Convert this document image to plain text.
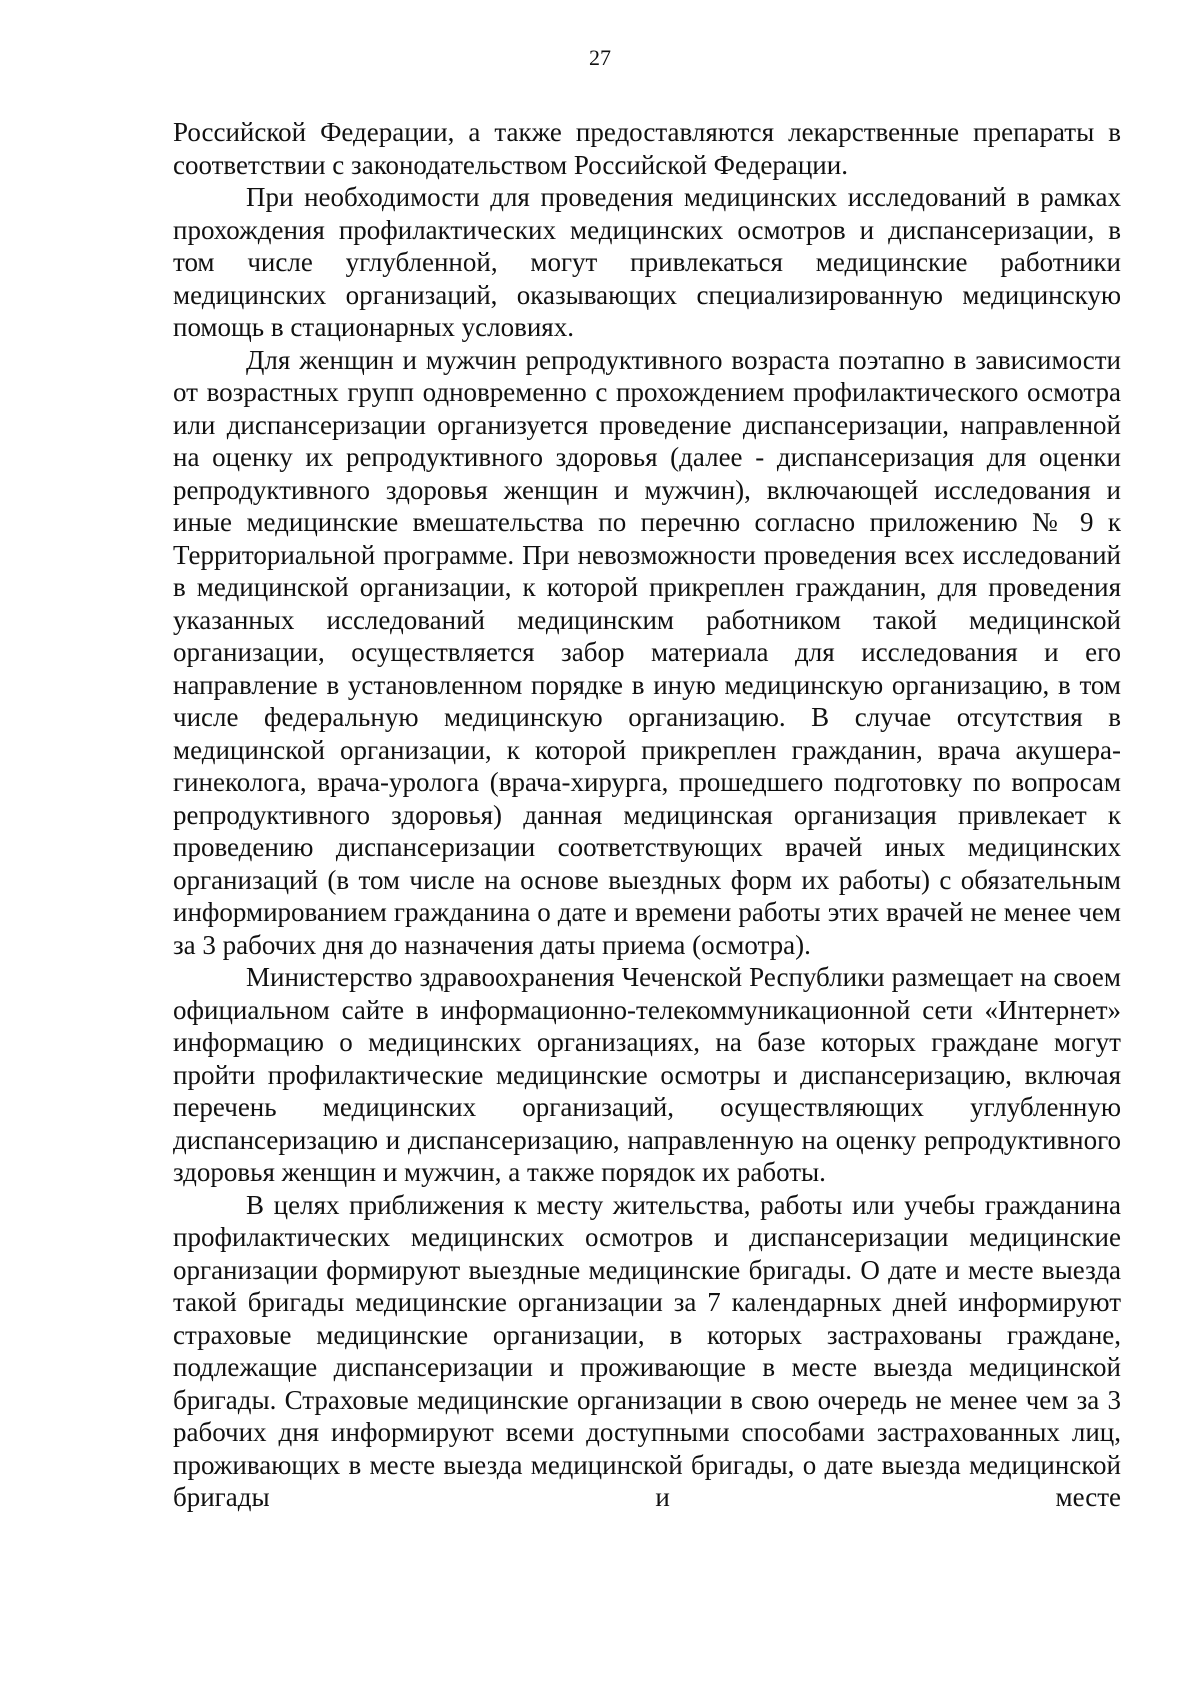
27

Российской Федерации, а также предоставляются лекарственные препараты в соответствии с законодательством Российской Федерации.

При необходимости для проведения медицинских исследований в рамках прохождения профилактических медицинских осмотров и диспансеризации, в том числе углубленной, могут привлекаться медицинские работники медицинских организаций, оказывающих специализированную медицинскую помощь в стационарных условиях.

Для женщин и мужчин репродуктивного возраста поэтапно в зависимости от возрастных групп одновременно с прохождением профилактического осмотра или диспансеризации организуется проведение диспансеризации, направленной на оценку их репродуктивного здоровья (далее - диспансеризация для оценки репродуктивного здоровья женщин и мужчин), включающей исследования и иные медицинские вмешательства по перечню согласно приложению № 9 к Территориальной программе. При невозможности проведения всех исследований в медицинской организации, к которой прикреплен гражданин, для проведения указанных исследований медицинским работником такой медицинской организации, осуществляется забор материала для исследования и его направление в установленном порядке в иную медицинскую организацию, в том числе федеральную медицинскую организацию. В случае отсутствия в медицинской организации, к которой прикреплен гражданин, врача акушера-гинеколога, врача-уролога (врача-хирурга, прошедшего подготовку по вопросам репродуктивного здоровья) данная медицинская организация привлекает к проведению диспансеризации соответствующих врачей иных медицинских организаций (в том числе на основе выездных форм их работы) с обязательным информированием гражданина о дате и времени работы этих врачей не менее чем за 3 рабочих дня до назначения даты приема (осмотра).

Министерство здравоохранения Чеченской Республики размещает на своем официальном сайте в информационно-телекоммуникационной сети «Интернет» информацию о медицинских организациях, на базе которых граждане могут пройти профилактические медицинские осмотры и диспансеризацию, включая перечень медицинских организаций, осуществляющих углубленную диспансеризацию и диспансеризацию, направленную на оценку репродуктивного здоровья женщин и мужчин, а также порядок их работы.

В целях приближения к месту жительства, работы или учебы гражданина профилактических медицинских осмотров и диспансеризации медицинские организации формируют выездные медицинские бригады. О дате и месте выезда такой бригады медицинские организации за 7 календарных дней информируют страховые медицинские организации, в которых застрахованы граждане, подлежащие диспансеризации и проживающие в месте выезда медицинской бригады. Страховые медицинские организации в свою очередь не менее чем за 3 рабочих дня информируют всеми доступными способами застрахованных лиц, проживающих в месте выезда медицинской бригады, о дате выезда медицинской бригады и месте
